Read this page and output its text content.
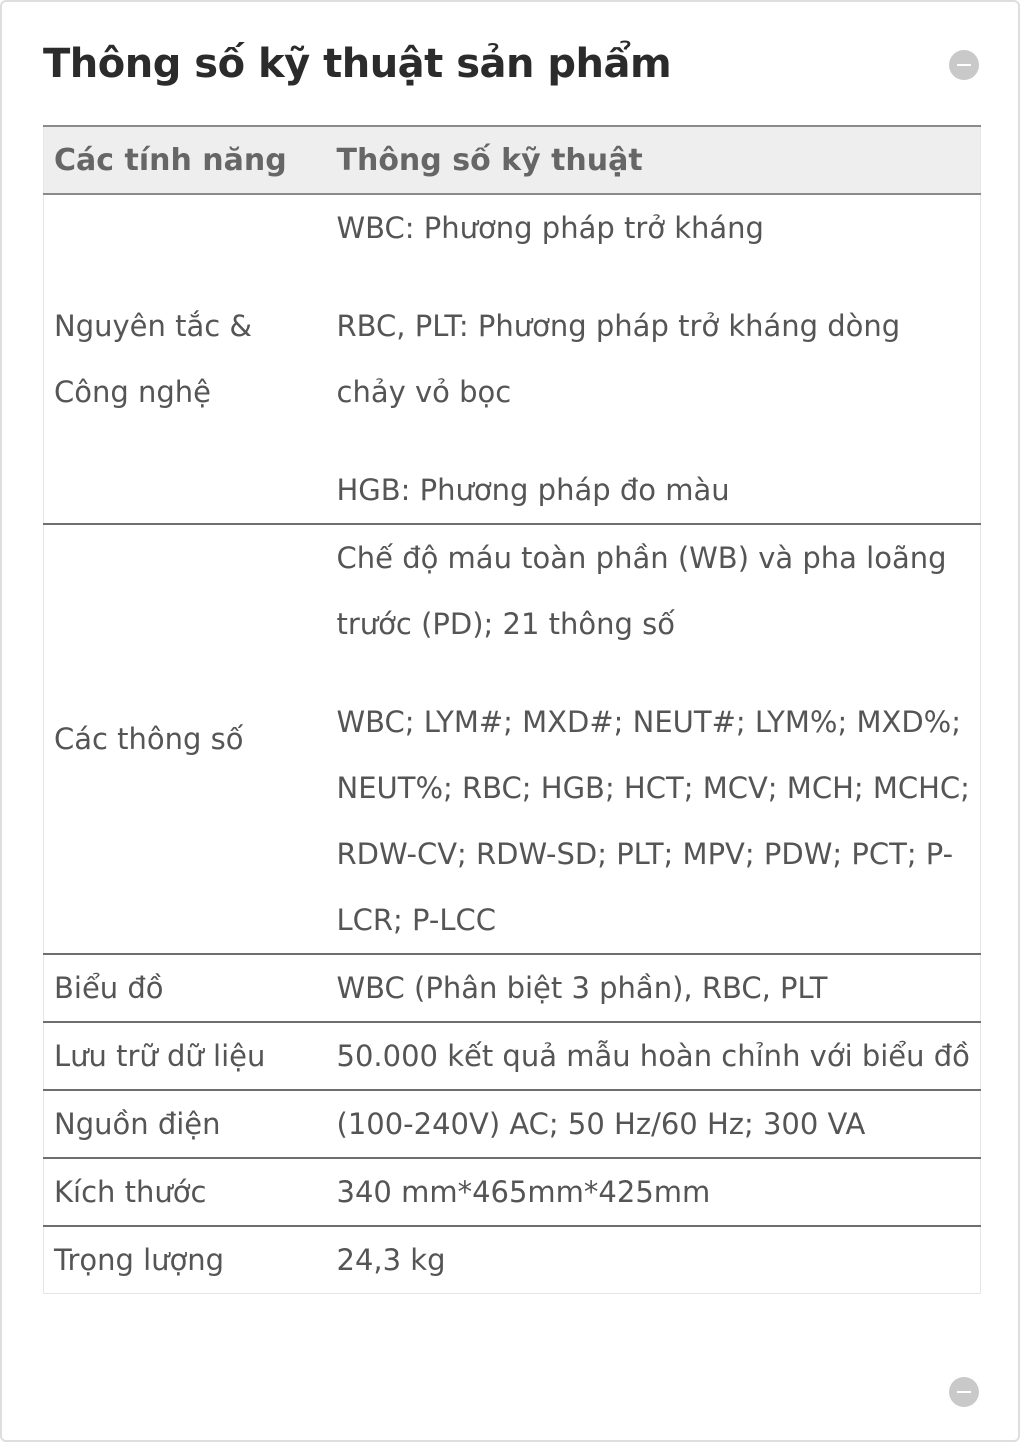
Thông số kỹ thuật sản phẩm
Các tính năng	Thông số kỹ thuật
Nguyên tắc & Công nghệ	WBC: Phương pháp trở kháng
RBC, PLT: Phương pháp trở kháng dòng chảy vỏ bọc
HGB: Phương pháp đo màu

Các thông số	Chế độ máu toàn phần (WB) và pha loãng trước (PD); 21 thông số
WBC; LYM#; MXD#; NEUT#; LYM%; MXD%; NEUT%; RBC; HGB; HCT; MCV; MCH; MCHC; RDW-CV; RDW-SD; PLT; MPV; PDW; PCT; P-LCR; P-LCC

Biểu đồ	WBC (Phân biệt 3 phần), RBC, PLT
Lưu trữ dữ liệu	50.000 kết quả mẫu hoàn chỉnh với biểu đồ
Nguồn điện	(100-240V) AC; 50 Hz/60 Hz; 300 VA
Kích thước	340 mm*465mm*425mm
Trọng lượng	24,3 kg
